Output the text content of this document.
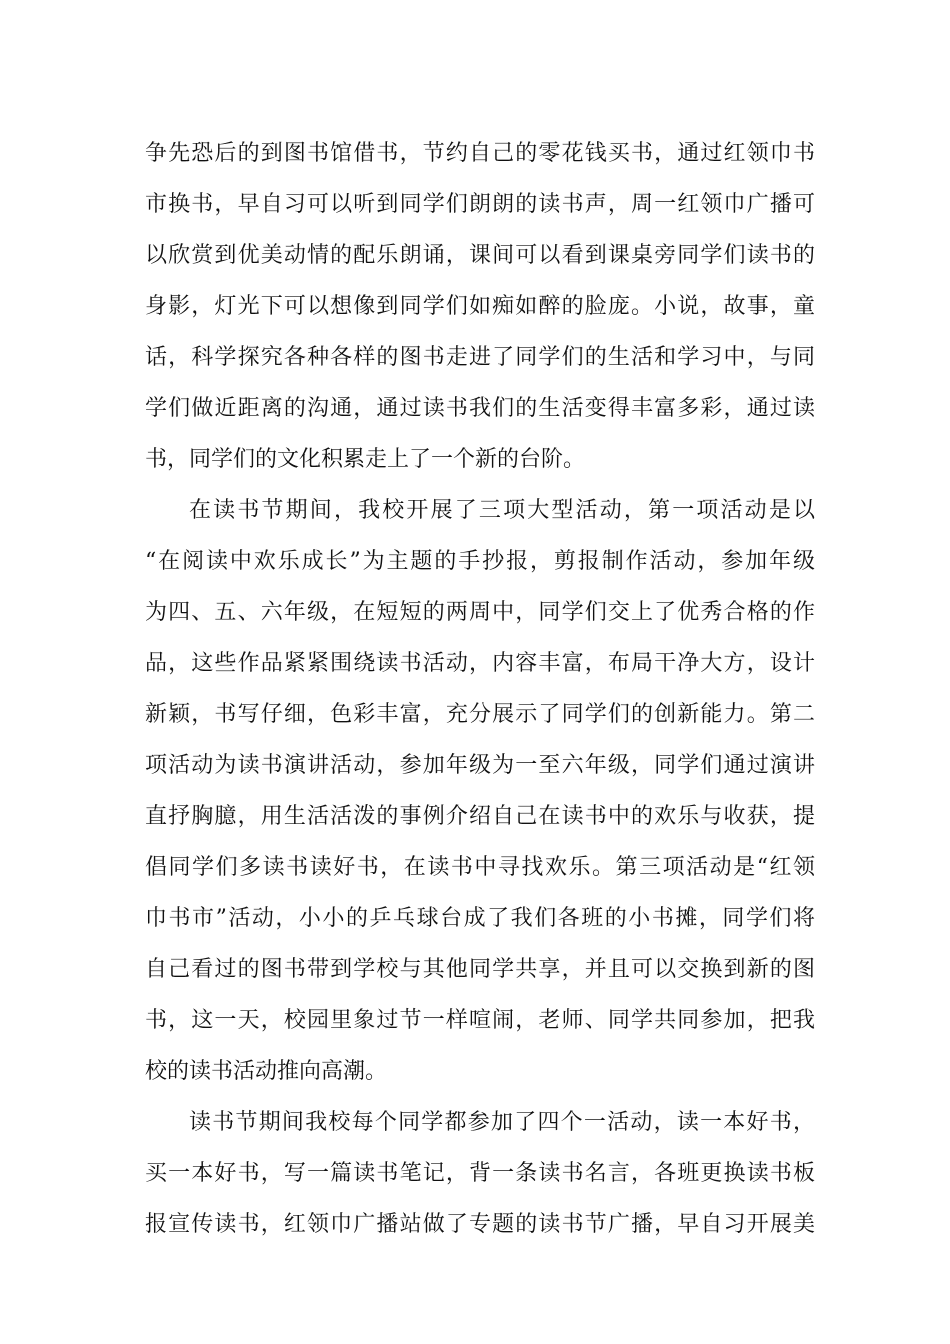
争先恐后的到图书馆借书，节约自己的零花钱买书，通过红领巾书
市换书，早自习可以听到同学们朗朗的读书声，周一红领巾广播可
以欣赏到优美动情的配乐朗诵，课间可以看到课桌旁同学们读书的
身影，灯光下可以想像到同学们如痴如醉的脸庞。小说，故事，童
话，科学探究各种各样的图书走进了同学们的生活和学习中，与同
学们做近距离的沟通，通过读书我们的生活变得丰富多彩，通过读
书，同学们的文化积累走上了一个新的台阶。
在读书节期间，我校开展了三项大型活动，第一项活动是以
“在阅读中欢乐成长”为主题的手抄报，剪报制作活动，参加年级
为四、五、六年级，在短短的两周中，同学们交上了优秀合格的作
品，这些作品紧紧围绕读书活动，内容丰富，布局干净大方，设计
新颖，书写仔细，色彩丰富，充分展示了同学们的创新能力。第二
项活动为读书演讲活动，参加年级为一至六年级，同学们通过演讲
直抒胸臆，用生活活泼的事例介绍自己在读书中的欢乐与收获，提
倡同学们多读书读好书，在读书中寻找欢乐。第三项活动是“红领
巾书市”活动，小小的乒乓球台成了我们各班的小书摊，同学们将
自己看过的图书带到学校与其他同学共享，并且可以交换到新的图
书，这一天，校园里象过节一样喧闹，老师、同学共同参加，把我
校的读书活动推向高潮。
读书节期间我校每个同学都参加了四个一活动，读一本好书，
买一本好书，写一篇读书笔记，背一条读书名言，各班更换读书板
报宣传读书，红领巾广播站做了专题的读书节广播，早自习开展美
